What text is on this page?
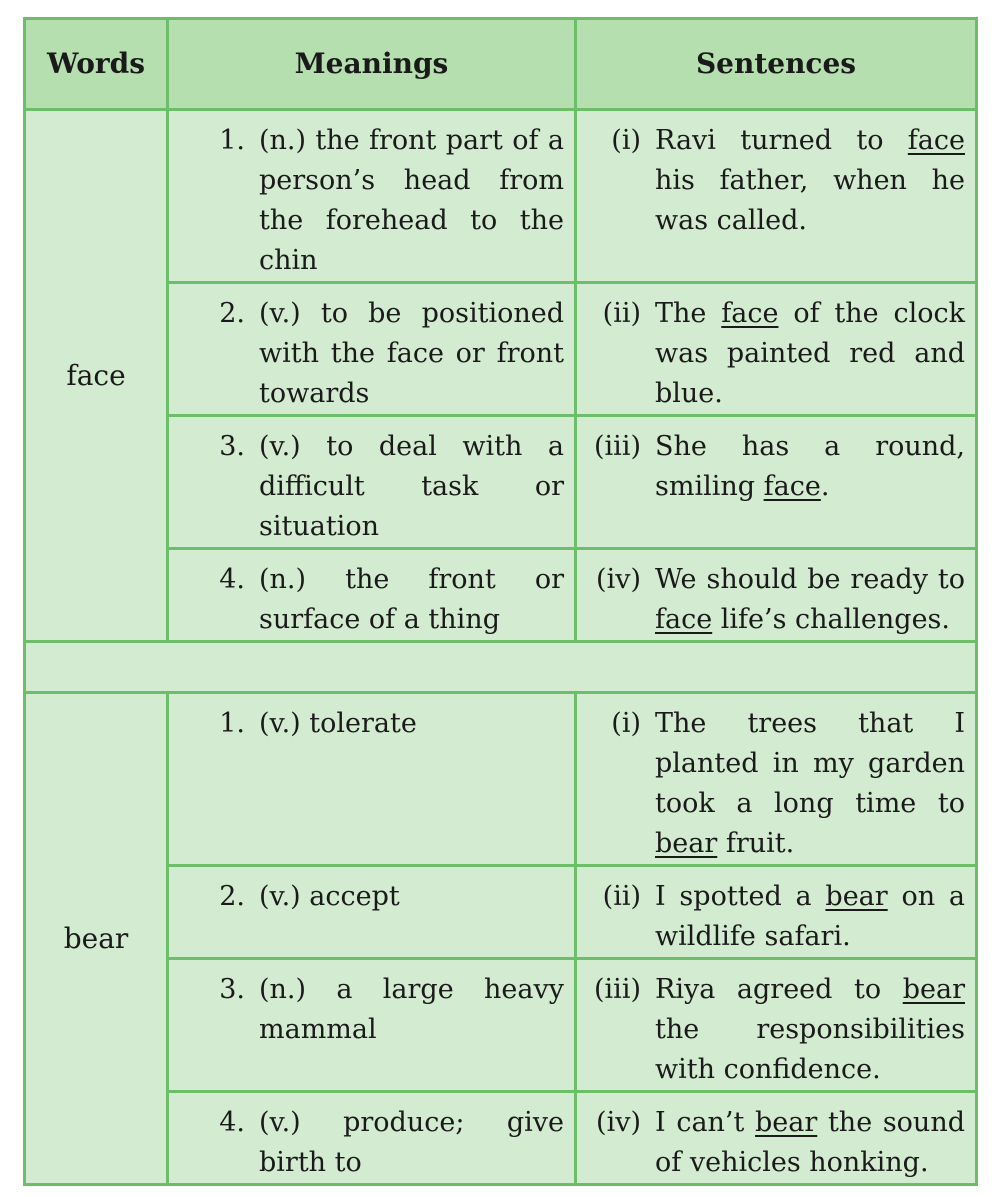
Words	Meanings	Sentences
face	1. (n.) the front part of a person’s head from the forehead to the chin	(i) Ravi turned to face his father, when he was called.

	2. (v.) to be positioned with the face or front towards	(ii) The face of the clock was painted red and blue.

	3. (v.) to deal with a difficult task or situation	(iii) She has a round, smiling face.

	4. (n.) the front or surface of a thing	(iv) We should be ready to face life’s challenges.

bear	1. (v.) tolerate	(i) The trees that I planted in my garden took a long time to bear fruit.

	2. (v.) accept	(ii) I spotted a bear on a wildlife safari.

	3. (n.) a large heavy mammal	(iii) Riya agreed to bear the responsibilities with confidence.

	4. (v.) produce; give birth to	(iv) I can’t bear the sound of vehicles honking.
